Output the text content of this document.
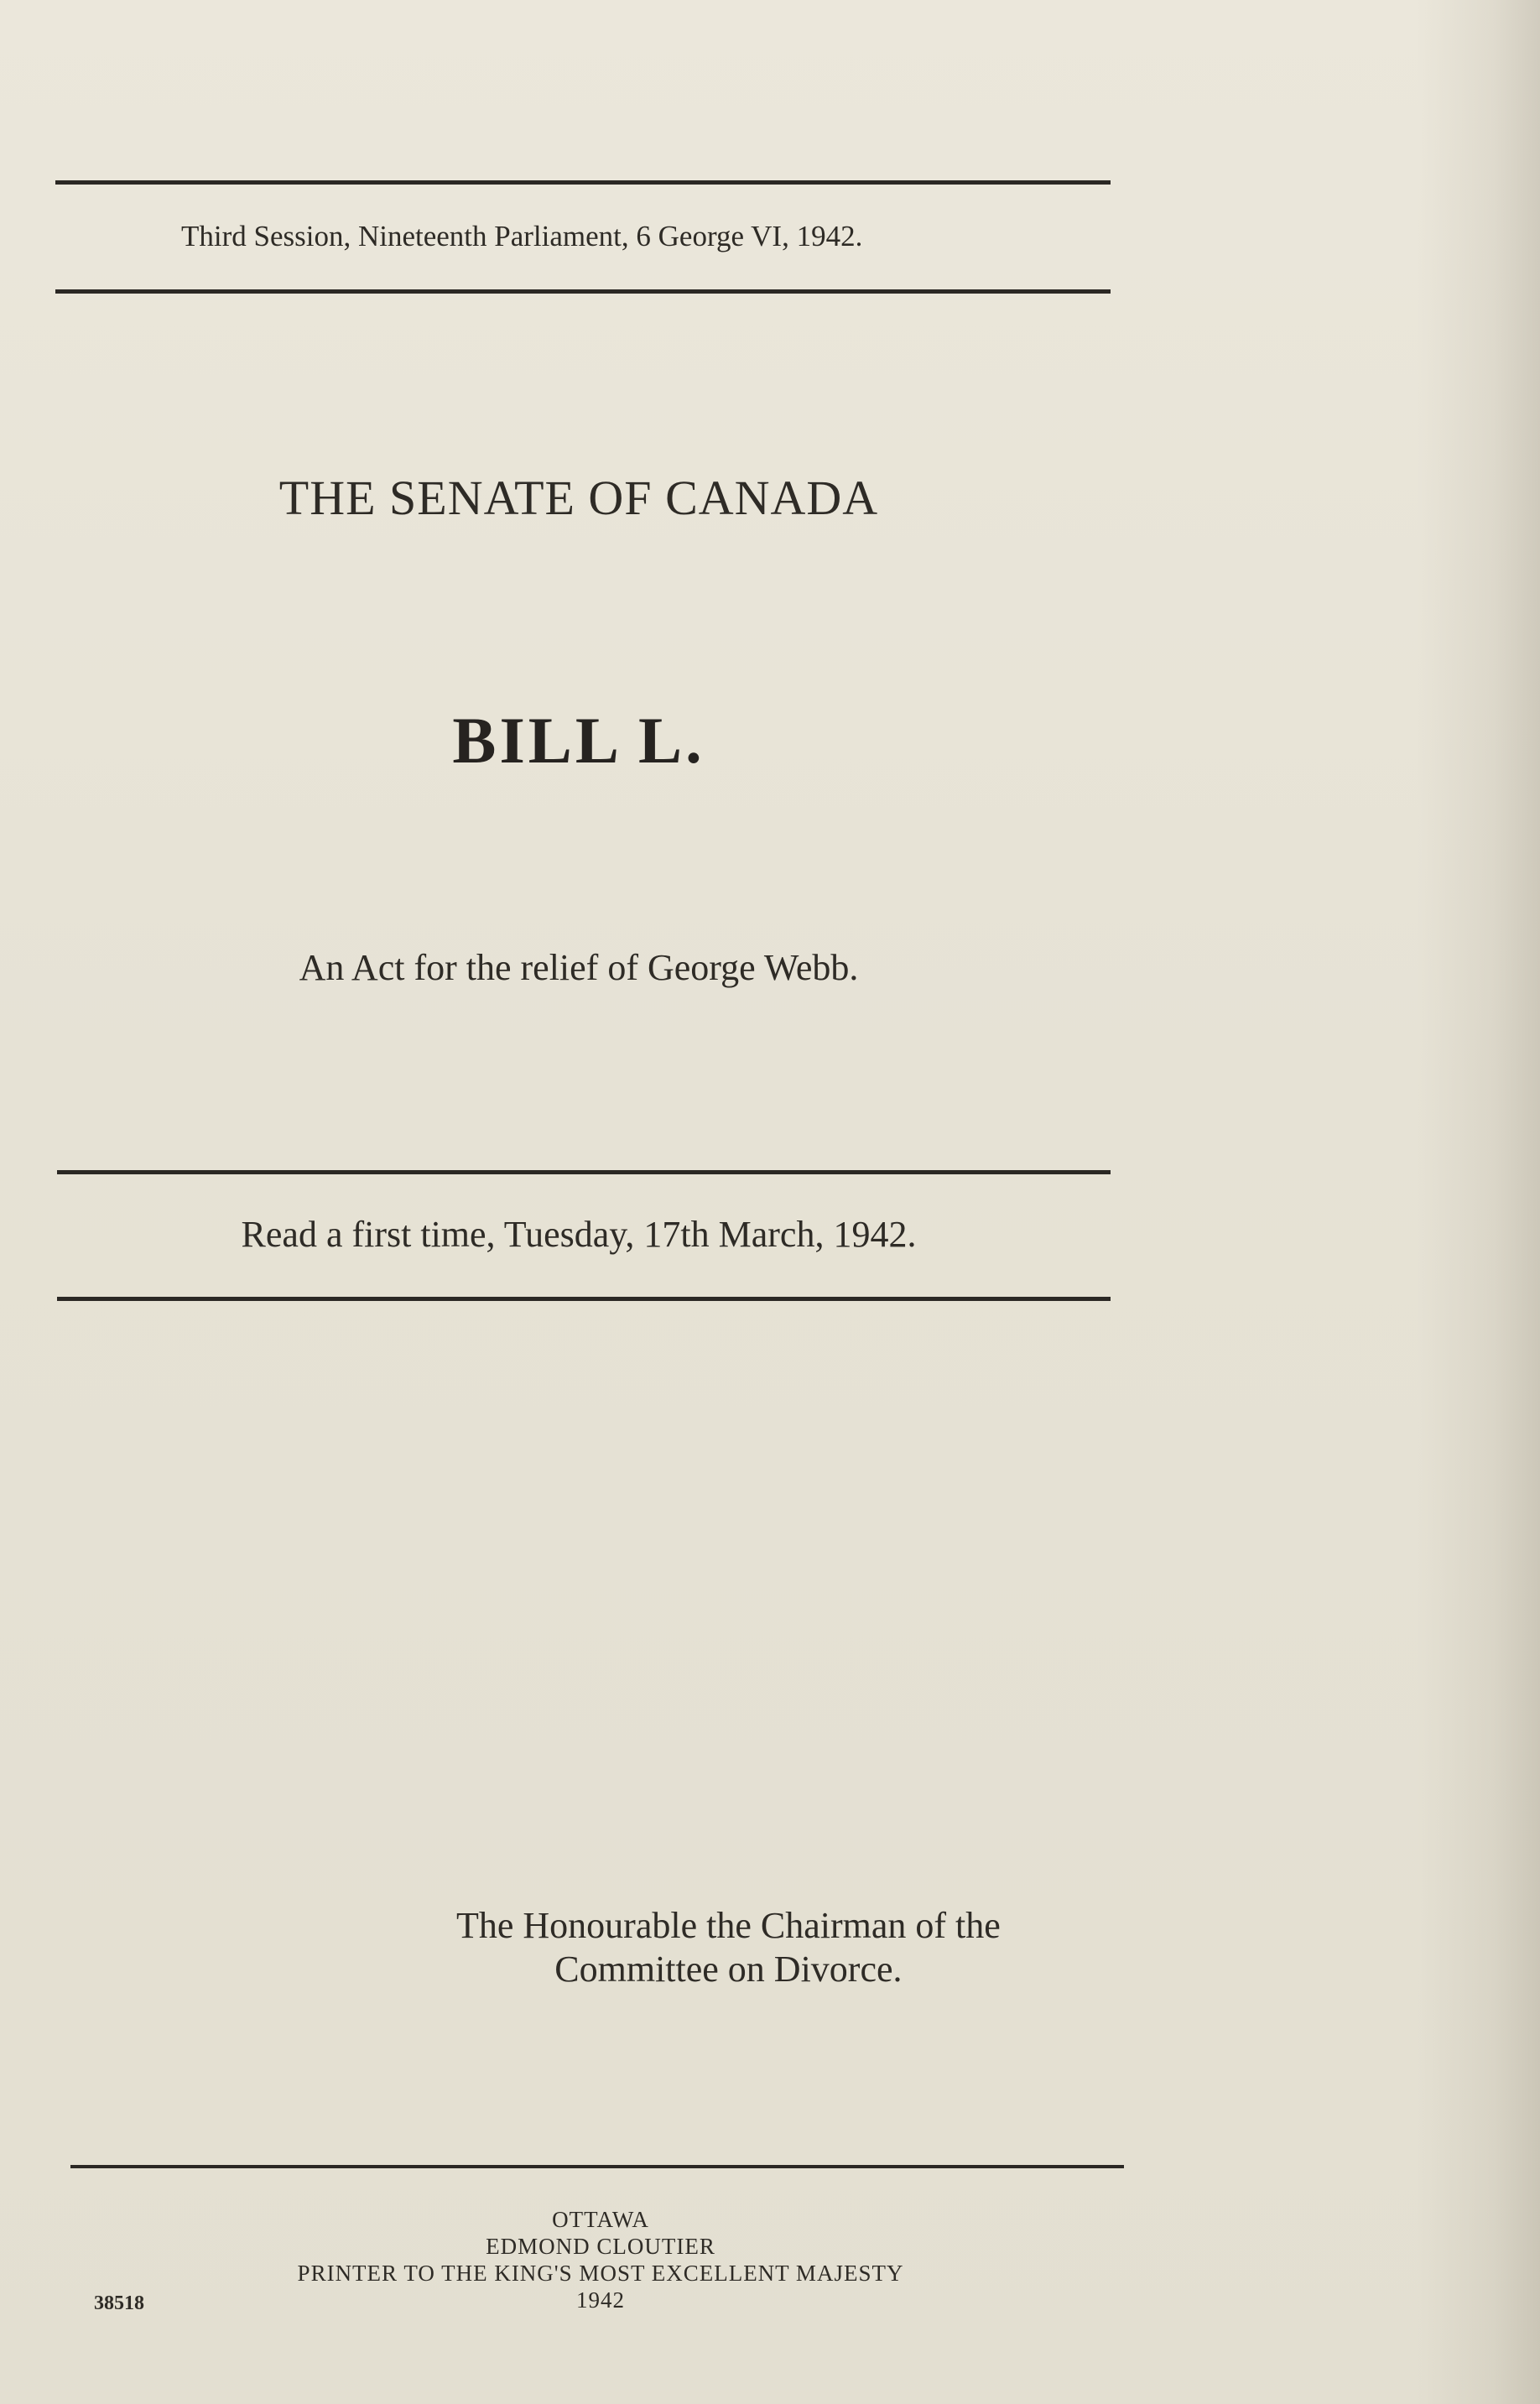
Third Session, Nineteenth Parliament, 6 George VI, 1942.
THE SENATE OF CANADA
BILL L.
An Act for the relief of George Webb.
Read a first time, Tuesday, 17th March, 1942.
The Honourable the Chairman of the
Committee on Divorce.
OTTAWA
EDMOND CLOUTIER
PRINTER TO THE KING'S MOST EXCELLENT MAJESTY
1942
38518
